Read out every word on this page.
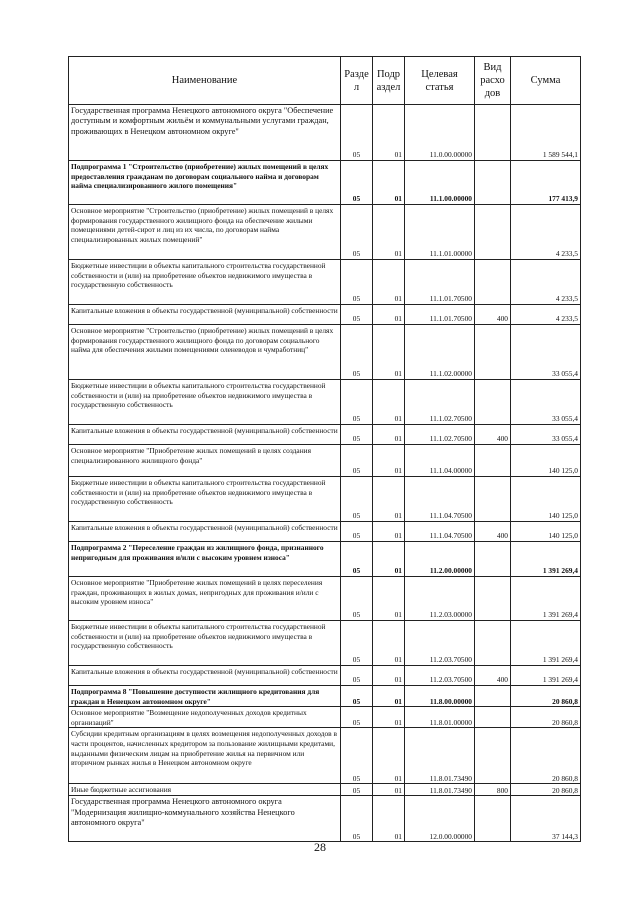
Наименование	Разде л	Подр аздел	Целевая статья	Вид расхо дов	Сумма
Государственная программа Ненецкого автономного округа "Обеспечение доступным и комфортным жильём и коммунальными услугами граждан, проживающих в Ненецком автономном округе"	05	01	11.0.00.00000		1 589 544,1
Подпрограмма 1 "Строительство (приобретение) жилых помещений в целях предоставления гражданам по договорам социального найма и договорам найма специализированного жилого помещения"	05	01	11.1.00.00000		177 413,9
Основное мероприятие "Строительство (приобретение) жилых помещений в целях формирования государственного жилищного фонда на обеспечение жилыми помещениями детей-сирот и лиц из их числа, по договорам найма специализированных жилых помещений"	05	01	11.1.01.00000		4 233,5
Бюджетные инвестиции в объекты капитального строительства государственной собственности и (или) на приобретение объектов недвижимого имущества в государственную собственность	05	01	11.1.01.70500		4 233,5
Капитальные вложения в объекты государственной (муниципальной) собственности	05	01	11.1.01.70500	400	4 233,5
Основное мероприятие "Строительство (приобретение) жилых помещений в целях формирования государственного жилищного фонда по договорам социального найма для обеспечения жилыми помещениями оленеводов и чумработниц"	05	01	11.1.02.00000		33 055,4
Бюджетные инвестиции в объекты капитального строительства государственной собственности и (или) на приобретение объектов недвижимого имущества в государственную собственность	05	01	11.1.02.70500		33 055,4
Капитальные вложения в объекты государственной (муниципальной) собственности	05	01	11.1.02.70500	400	33 055,4
Основное мероприятие "Приобретение жилых помещений в целях создания специализированного жилищного фонда"	05	01	11.1.04.00000		140 125,0
Бюджетные инвестиции в объекты капитального строительства государственной собственности и (или) на приобретение объектов недвижимого имущества в государственную собственность	05	01	11.1.04.70500		140 125,0
Капитальные вложения в объекты государственной (муниципальной) собственности	05	01	11.1.04.70500	400	140 125,0
Подпрограмма 2 "Переселение граждан из жилищного фонда, признанного непригодным для проживания и/или с высоким уровнем износа"	05	01	11.2.00.00000		1 391 269,4
Основное мероприятие "Приобретение жилых помещений в целях переселения граждан, проживающих в жилых домах, непригодных для проживания и/или с высоким уровнем износа"	05	01	11.2.03.00000		1 391 269,4
Бюджетные инвестиции в объекты капитального строительства государственной собственности и (или) на приобретение объектов недвижимого имущества в государственную собственность	05	01	11.2.03.70500		1 391 269,4
Капитальные вложения в объекты государственной (муниципальной) собственности	05	01	11.2.03.70500	400	1 391 269,4
Подпрограмма 8 "Повышение доступности жилищного кредитования для граждан в Ненецком автономном округе"	05	01	11.8.00.00000		20 860,8
Основное мероприятие "Возмещение недополученных доходов кредитных организаций"	05	01	11.8.01.00000		20 860,8
Субсидии кредитным организациям в целях возмещения недополученных доходов в части процентов, начисленных кредитором за пользование жилищными кредитами, выданными физическим лицам на приобретение жилья на первичном или вторичном рынках жилья в Ненецком автономном округе	05	01	11.8.01.73490		20 860,8
Иные бюджетные ассигнования	05	01	11.8.01.73490	800	20 860,8
Государственная программа Ненецкого автономного округа "Модернизация жилищно-коммунального хозяйства Ненецкого автономного округа"	05	01	12.0.00.00000		37 144,3
28
